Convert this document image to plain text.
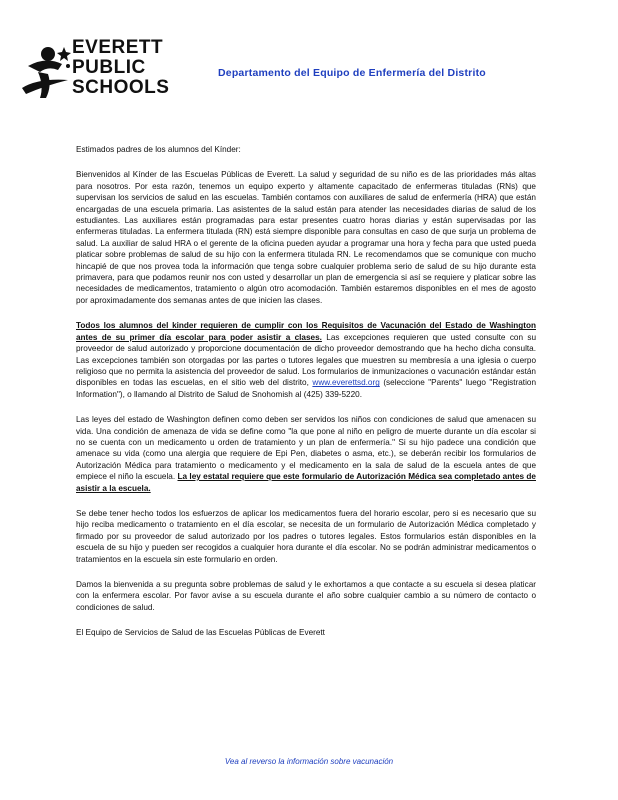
EVERETT
PUBLIC
SCHOOLS
Departamento del Equipo de Enfermería del Distrito
Estimados padres de los alumnos del Kínder:

Bienvenidos al Kínder de las Escuelas Públicas de Everett. La salud y seguridad de su niño es de las prioridades más altas para nosotros. Por esta razón, tenemos un equipo experto y altamente capacitado de enfermeras tituladas (RNs) que supervisan los servicios de salud en las escuelas. También contamos con auxiliares de salud de enfermería (HRA) que están encargadas de una escuela primaria. Las asistentes de la salud están para atender las necesidades diarias de salud de los estudiantes. Las auxiliares están programadas para estar presentes cuatro horas diarias y están supervisadas por las enfermeras tituladas. La enfermera titulada (RN) está siempre disponible para consultas en caso de que surja un problema de salud. La auxiliar de salud HRA o el gerente de la oficina pueden ayudar a programar una hora y fecha para que usted pueda platicar sobre problemas de salud de su hijo con la enfermera titulada RN. Le recomendamos que se comunique con mucho hincapié de que nos provea toda la información que tenga sobre cualquier problema serio de salud de su hijo durante esta primavera, para que podamos reunir nos con usted y desarrollar un plan de emergencia si así se requiere y platicar sobre las necesidades de medicamentos, tratamiento o algún otro acomodación. También estaremos disponibles en el mes de agosto por aproximadamente dos semanas antes de que inicien las clases.

Todos los alumnos del kinder requieren de cumplir con los Requisitos de Vacunación del Estado de Washington antes de su primer día escolar para poder asistir a clases. Las excepciones requieren que usted consulte con su proveedor de salud autorizado y proporcione documentación de dicho proveedor demostrando que ha hecho dicha consulta. Las excepciones también son otorgadas por las partes o tutores legales que muestren su membresía a una iglesia o cuerpo religioso que no permita la asistencia del proveedor de salud. Los formularios de inmunizaciones o vacunación estándar están disponibles en todas las escuelas, en el sitio web del distrito, www.everettsd.org (seleccione "Parents" luego "Registration Information"), o llamando al Distrito de Salud de Snohomish al (425) 339-5220.

Las leyes del estado de Washington definen como deben ser servidos los niños con condiciones de salud que amenacen su vida. Una condición de amenaza de vida se define como "la que pone al niño en peligro de muerte durante un día escolar si no se cuenta con un medicamento u orden de tratamiento y un plan de enfermería." Si su hijo padece una condición que amenace su vida (como una alergia que requiere de Epi Pen, diabetes o asma, etc.), se deberán recibir los formularios de Autorización Médica para tratamiento o medicamento y el medicamento en la sala de salud de la escuela antes de que empiece el niño la escuela. La ley estatal requiere que este formulario de Autorización Médica sea completado antes de asistir a la escuela.

Se debe tener hecho todos los esfuerzos de aplicar los medicamentos fuera del horario escolar, pero si es necesario que su hijo reciba medicamento o tratamiento en el día escolar, se necesita de un formulario de Autorización Médica completado y firmado por su proveedor de salud autorizado por los padres o tutores legales. Estos formularios están disponibles en la escuela de su hijo y pueden ser recogidos a cualquier hora durante el día escolar. No se podrán administrar medicamentos o tratamientos en la escuela sin este formulario en orden.

Damos la bienvenida a su pregunta sobre problemas de salud y le exhortamos a que contacte a su escuela si desea platicar con la enfermera escolar. Por favor avise a su escuela durante el año sobre cualquier cambio a su número de contacto o condiciones de salud.

El Equipo de Servicios de Salud de las Escuelas Públicas de Everett

Vea al reverso la información sobre vacunación
